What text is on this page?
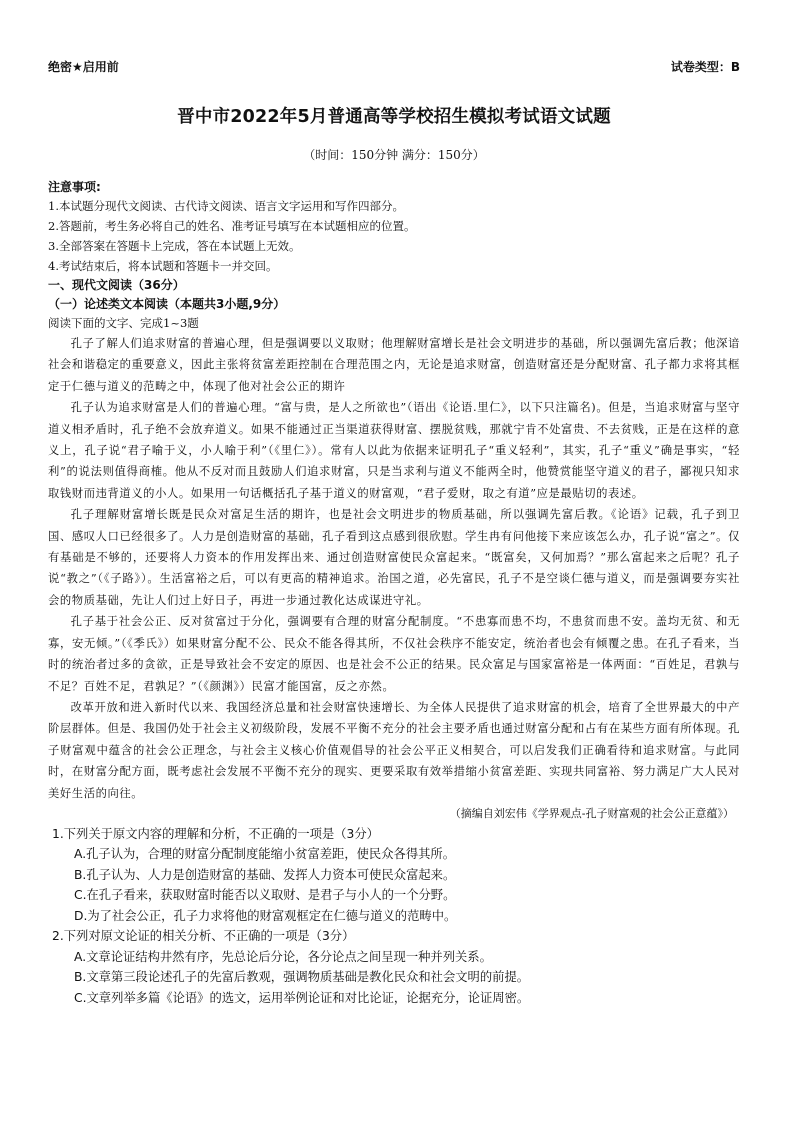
绝密★启用前	试卷类型：B
晋中市2022年5月普通高等学校招生模拟考试语文试题
（时间：150分钟 满分：150分）
注意事项:
1.本试题分现代文阅读、古代诗文阅读、语言文字运用和写作四部分。
2.答题前，考生务必将自己的姓名、准考证号填写在本试题相应的位置。
3.全部答案在答题卡上完成，答在本试题上无效。
4.考试结束后，将本试题和答题卡一并交回。
一、现代文阅读（36分）
（一）论述类文本阅读（本题共3小题,9分）
阅读下面的文字、完成1~3题

孔子了解人们追求财富的普遍心理，但是强调要以义取财；他理解财富增长是社会文明进步的基础，所以强调先富后教；他深谙社会和谐稳定的重要意义，因此主张将贫富差距控制在合理范围之内，无论是追求财富，创造财富还是分配财富、孔子都力求将其框定于仁德与道义的范畴之中，体现了他对社会公正的期许

孔子认为追求财富是人们的普遍心理。“富与贵，是人之所欲也”（语出《论语.里仁》，以下只注篇名)。但是，当追求财富与坚守道义相矛盾时，孔子绝不会放弃道义。如果不能通过正当渠道获得财富、摆脱贫贱，那就宁肯不处富贵、不去贫贱，正是在这样的意义上，孔子说“君子喻于义，小人喻于利”（《里仁》）。常有人以此为依据来证明孔子“重义轻利”，其实，孔子“重义”确是事实，“轻利”的说法则值得商榷。他从不反对而且鼓励人们追求财富，只是当求利与道义不能两全时，他赞赏能坚守道义的君子，鄙视只知求取钱财而违背道义的小人。如果用一句话概括孔子基于道义的财富观，“君子爱财，取之有道”应是最贴切的表述。

孔子理解财富增长既是民众对富足生活的期许，也是社会文明进步的物质基础，所以强调先富后教。《论语》记载，孔子到卫国、感叹人口已经很多了。人力是创造财富的基础，孔子看到这点感到很欣慰。学生冉有问他接下来应该怎么办，孔子说“富之”。仅有基础是不够的，还要将人力资本的作用发挥出来、通过创造财富使民众富起来。“既富矣，又何加焉？”那么富起来之后呢？孔子说“教之”（《子路》）。生活富裕之后，可以有更高的精神追求。治国之道，必先富民，孔子不是空谈仁德与道义，而是强调要夯实社会的物质基础，先让人们过上好日子，再进一步通过教化达成谋进守礼。

孔子基于社会公正、反对贫富过于分化，强调要有合理的财富分配制度。“不患寡而患不均，不患贫而患不安。盖均无贫、和无寡，安无倾。”（《季氏》）如果财富分配不公、民众不能各得其所，不仅社会秩序不能安定，统治者也会有倾覆之患。在孔子看来，当时的统治者过多的贪欲，正是导致社会不安定的原因、也是社会不公正的结果。民众富足与国家富裕是一体两面：“百姓足，君孰与不足？百姓不足，君孰足？”（《颜渊》）民富才能国富，反之亦然。

改革开放和进入新时代以来、我国经济总量和社会财富快速增长、为全体人民提供了追求财富的机会，培育了全世界最大的中产阶层群体。但是、我国仍处于社会主义初级阶段，发展不平衡不充分的社会主要矛盾也通过财富分配和占有在某些方面有所体现。孔子财富观中蕴含的社会公正理念，与社会主义核心价值观倡导的社会公平正义相契合，可以启发我们正确看待和追求财富。与此同时，在财富分配方面，既考虑社会发展不平衡不充分的现实、更要采取有效举措缩小贫富差距、实现共同富裕、努力满足广大人民对美好生活的向往。

（摘编自刘宏伟《学界观点-孔子财富观的社会公正意蕴》）
1.下列关于原文内容的理解和分析，不正确的一项是（3分）
A.孔子认为，合理的财富分配制度能缩小贫富差距，使民众各得其所。
B.孔子认为、人力是创造财富的基础、发挥人力资本可使民众富起来。
C.在孔子看来，获取财富时能否以义取财、是君子与小人的一个分野。
D.为了社会公正，孔子力求将他的财富观框定在仁德与道义的范畴中。
2.下列对原文论证的相关分析、不正确的一项是（3分）
A.文章论证结构井然有序，先总论后分论，各分论点之间呈现一种并列关系。
B.文章第三段论述孔子的先富后教观，强调物质基础是教化民众和社会文明的前提。
C.文章列举多篇《论语》的选文，运用举例论证和对比论证，论据充分，论证周密。
